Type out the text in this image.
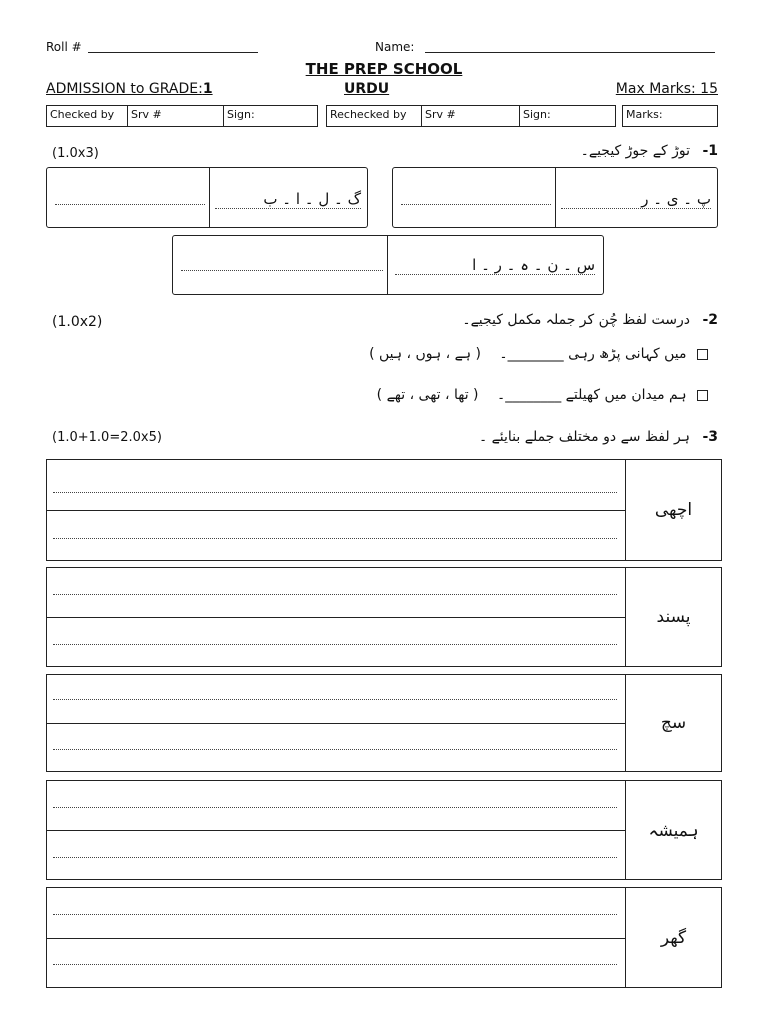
Roll #	Name:
THE PREP SCHOOL
ADMISSION to GRADE:1	URDU	Max Marks: 15
Checked by	Srv #	Sign:	Rechecked by	Srv #	Sign:	Marks:
(1.0x3)	1- توڑ کے جوڑ کیجیے۔
گ ۔ ل ۔ ا ۔ ب	پ ۔ ی ۔ ر
س ۔ ن ۔ ہ ۔ ر ۔ ا
(1.0x2)	2- درست لفظ چُن کر جملہ مکمل کیجیے۔
میں کہانی پڑھ رہی ________۔ ( ہے ، ہوں ، ہیں )
ہم میدان میں کھیلتے ________۔ ( تھا ، تھی ، تھے )
(1.0+1.0=2.0x5)	3- ہر لفظ سے دو مختلف جملے بنایئے ۔
اچھی
پسند
سچ
ہمیشہ
گھر
